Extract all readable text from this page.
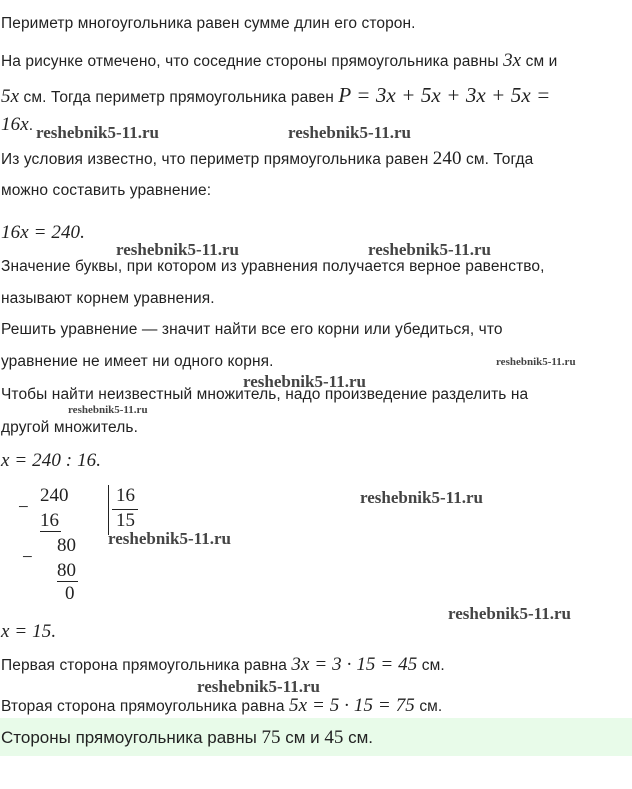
Периметр многоугольника равен сумме длин его сторон.
На рисунке отмечено, что соседние стороны прямоугольника равны 3x см и
5x см. Тогда периметр прямоугольника равен P = 3x + 5x + 3x + 5x =
16x.
Из условия известно, что периметр прямоугольника равен 240 см. Тогда
можно составить уравнение:
16x = 240.
Значение буквы, при котором из уравнения получается верное равенство,
называют корнем уравнения.
Решить уравнение — значит найти все его корни или убедиться, что
уравнение не имеет ни одного корня.
Чтобы найти неизвестный множитель, надо произведение разделить на
другой множитель.
x = 240 : 16.
−
240
16
−
80
80
0
16
15
x = 15.
Первая сторона прямоугольника равна 3x = 3 · 15 = 45 см.
Вторая сторона прямоугольника равна 5x = 5 · 15 = 75 см.
Стороны прямоугольника равны 75 см и 45 см.
reshebnik5-11.ru	reshebnik5-11.ru
reshebnik5-11.ru	reshebnik5-11.ru
reshebnik5-11.ru
reshebnik5-11.ru
reshebnik5-11.ru
reshebnik5-11.ru
reshebnik5-11.ru
reshebnik5-11.ru
reshebnik5-11.ru
